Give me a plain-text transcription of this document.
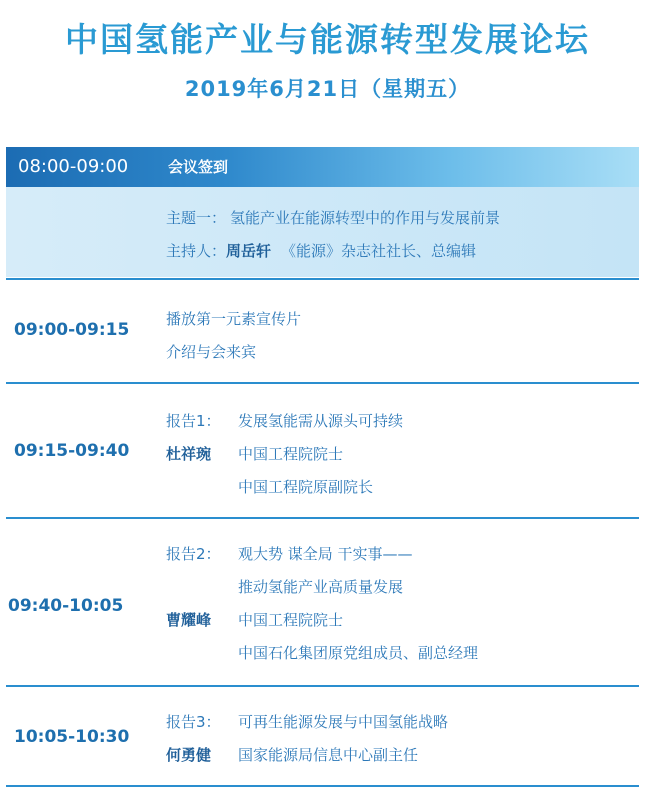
中国氢能产业与能源转型发展论坛
2019年6月21日（星期五）
08:00-09:00	会议签到
主题一： 氢能产业在能源转型中的作用与发展前景
主持人：周岳轩 《能源》杂志社社长、总编辑
09:00-09:15
播放第一元素宣传片
介绍与会来宾
09:15-09:40
报告1： 发展氢能需从源头可持续
杜祥琬 中国工程院院士
中国工程院原副院长
09:40-10:05
报告2： 观大势 谋全局 干实事——
推动氢能产业高质量发展
曹耀峰 中国工程院院士
中国石化集团原党组成员、副总经理
10:05-10:30
报告3： 可再生能源发展与中国氢能战略
何勇健 国家能源局信息中心副主任
